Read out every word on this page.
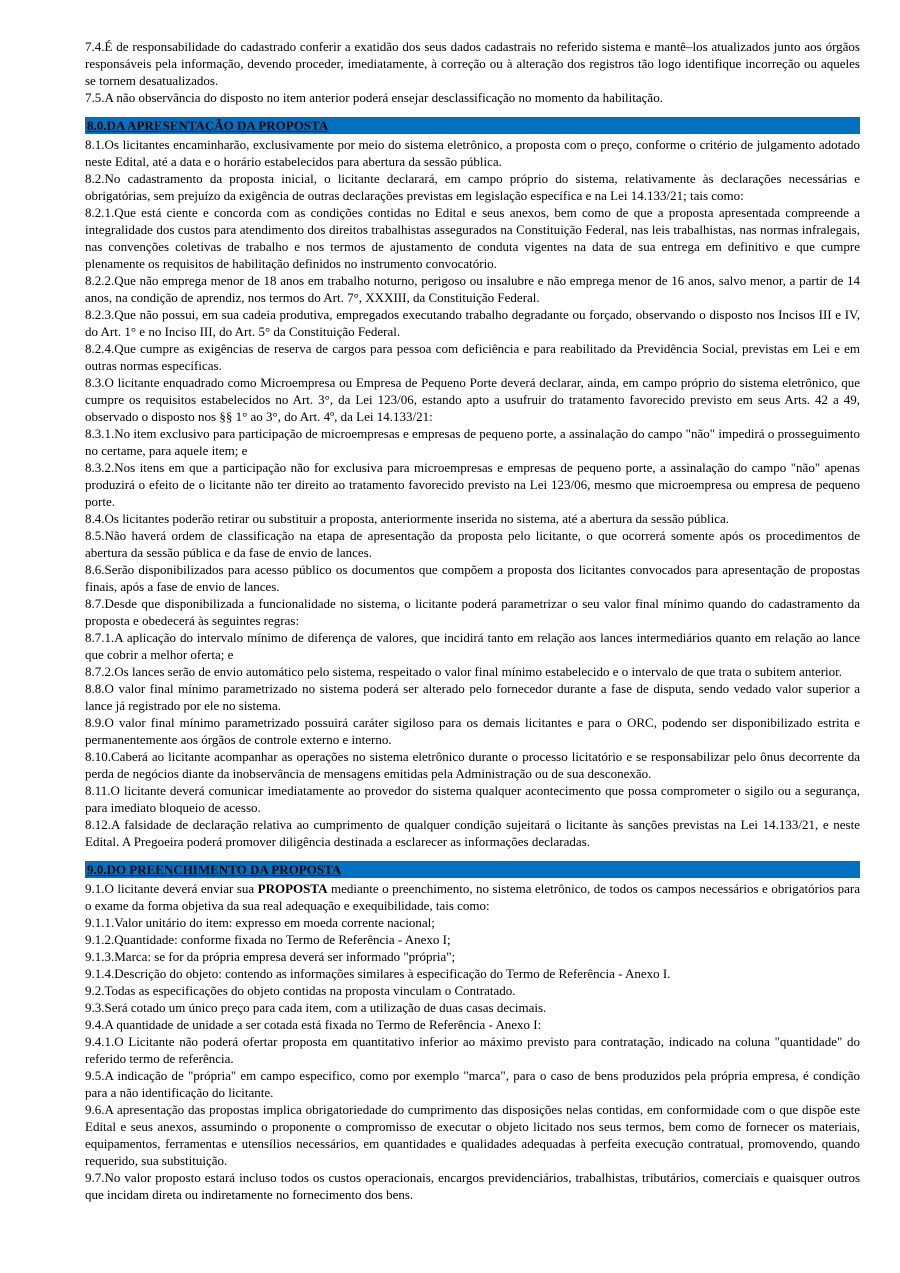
7.4.É de responsabilidade do cadastrado conferir a exatidão dos seus dados cadastrais no referido sistema e mantê–los atualizados junto aos órgãos responsáveis pela informação, devendo proceder, imediatamente, à correção ou à alteração dos registros tão logo identifique incorreção ou aqueles se tornem desatualizados.

7.5.A não observância do disposto no item anterior poderá ensejar desclassificação no momento da habilitação.

8.0.DA APRESENTAÇÃO DA PROPOSTA

8.1.Os licitantes encaminharão, exclusivamente por meio do sistema eletrônico, a proposta com o preço, conforme o critério de julgamento adotado neste Edital, até a data e o horário estabelecidos para abertura da sessão pública.

8.2.No cadastramento da proposta inicial, o licitante declarará, em campo próprio do sistema, relativamente às declarações necessárias e obrigatórias, sem prejuízo da exigência de outras declarações previstas em legislação específica e na Lei 14.133/21; tais como:

8.2.1.Que está ciente e concorda com as condições contidas no Edital e seus anexos, bem como de que a proposta apresentada compreende a integralidade dos custos para atendimento dos direitos trabalhistas assegurados na Constituição Federal, nas leis trabalhistas, nas normas infralegais, nas convenções coletivas de trabalho e nos termos de ajustamento de conduta vigentes na data de sua entrega em definitivo e que cumpre plenamente os requisitos de habilitação definidos no instrumento convocatório.

8.2.2.Que não emprega menor de 18 anos em trabalho noturno, perigoso ou insalubre e não emprega menor de 16 anos, salvo menor, a partir de 14 anos, na condição de aprendiz, nos termos do Art. 7°, XXXIII, da Constituição Federal.

8.2.3.Que não possui, em sua cadeia produtiva, empregados executando trabalho degradante ou forçado, observando o disposto nos Incisos III e IV, do Art. 1° e no Inciso III, do Art. 5° da Constituição Federal.

8.2.4.Que cumpre as exigências de reserva de cargos para pessoa com deficiência e para reabilitado da Previdência Social, previstas em Lei e em outras normas específicas.

8.3.O licitante enquadrado como Microempresa ou Empresa de Pequeno Porte deverá declarar, ainda, em campo próprio do sistema eletrônico, que cumpre os requisitos estabelecidos no Art. 3°, da Lei 123/06, estando apto a usufruir do tratamento favorecido previsto em seus Arts. 42 a 49, observado o disposto nos §§ 1° ao 3°, do Art. 4º, da Lei 14.133/21:

8.3.1.No item exclusivo para participação de microempresas e empresas de pequeno porte, a assinalação do campo "não" impedirá o prosseguimento no certame, para aquele item; e

8.3.2.Nos itens em que a participação não for exclusiva para microempresas e empresas de pequeno porte, a assinalação do campo "não" apenas produzirá o efeito de o licitante não ter direito ao tratamento favorecido previsto na Lei 123/06, mesmo que microempresa ou empresa de pequeno porte.

8.4.Os licitantes poderão retirar ou substituir a proposta, anteriormente inserida no sistema, até a abertura da sessão pública.

8.5.Não haverá ordem de classificação na etapa de apresentação da proposta pelo licitante, o que ocorrerá somente após os procedimentos de abertura da sessão pública e da fase de envio de lances.

8.6.Serão disponibilizados para acesso público os documentos que compõem a proposta dos licitantes convocados para apresentação de propostas finais, após a fase de envio de lances.

8.7.Desde que disponibilizada a funcionalidade no sistema, o licitante poderá parametrizar o seu valor final mínimo quando do cadastramento da proposta e obedecerá às seguintes regras:

8.7.1.A aplicação do intervalo mínimo de diferença de valores, que incidirá tanto em relação aos lances intermediários quanto em relação ao lance que cobrir a melhor oferta; e

8.7.2.Os lances serão de envio automático pelo sistema, respeitado o valor final mínimo estabelecido e o intervalo de que trata o subitem anterior.

8.8.O valor final mínimo parametrizado no sistema poderá ser alterado pelo fornecedor durante a fase de disputa, sendo vedado valor superior a lance já registrado por ele no sistema.

8.9.O valor final mínimo parametrizado possuirá caráter sigiloso para os demais licitantes e para o ORC, podendo ser disponibilizado estrita e permanentemente aos órgãos de controle externo e interno.

8.10.Caberá ao licitante acompanhar as operações no sistema eletrônico durante o processo licitatório e se responsabilizar pelo ônus decorrente da perda de negócios diante da inobservância de mensagens emitidas pela Administração ou de sua desconexão.

8.11.O licitante deverá comunicar imediatamente ao provedor do sistema qualquer acontecimento que possa comprometer o sigilo ou a segurança, para imediato bloqueio de acesso.

8.12.A falsidade de declaração relativa ao cumprimento de qualquer condição sujeitará o licitante às sanções previstas na Lei 14.133/21, e neste Edital. A Pregoeira poderá promover diligência destinada a esclarecer as informações declaradas.

9.0.DO PREENCHIMENTO DA PROPOSTA

9.1.O licitante deverá enviar sua PROPOSTA mediante o preenchimento, no sistema eletrônico, de todos os campos necessários e obrigatórios para o exame da forma objetiva da sua real adequação e exequibilidade, tais como:

9.1.1.Valor unitário do item: expresso em moeda corrente nacional;

9.1.2.Quantidade: conforme fixada no Termo de Referência - Anexo I;

9.1.3.Marca: se for da própria empresa deverá ser informado "própria";

9.1.4.Descrição do objeto: contendo as informações similares à especificação do Termo de Referência - Anexo I.

9.2.Todas as especificações do objeto contidas na proposta vinculam o Contratado.

9.3.Será cotado um único preço para cada item, com a utilização de duas casas decimais.

9.4.A quantidade de unidade a ser cotada está fixada no Termo de Referência - Anexo I:

9.4.1.O Licitante não poderá ofertar proposta em quantitativo inferior ao máximo previsto para contratação, indicado na coluna "quantidade" do referido termo de referência.

9.5.A indicação de "própria" em campo especifico, como por exemplo "marca", para o caso de bens produzidos pela própria empresa, é condição para a não identificação do licitante.

9.6.A apresentação das propostas implica obrigatoriedade do cumprimento das disposições nelas contidas, em conformidade com o que dispõe este Edital e seus anexos, assumindo o proponente o compromisso de executar o objeto licitado nos seus termos, bem como de fornecer os materiais, equipamentos, ferramentas e utensílios necessários, em quantidades e qualidades adequadas à perfeita execução contratual, promovendo, quando requerido, sua substituição.

9.7.No valor proposto estará incluso todos os custos operacionais, encargos previdenciários, trabalhistas, tributários, comerciais e quaisquer outros que incidam direta ou indiretamente no fornecimento dos bens.
